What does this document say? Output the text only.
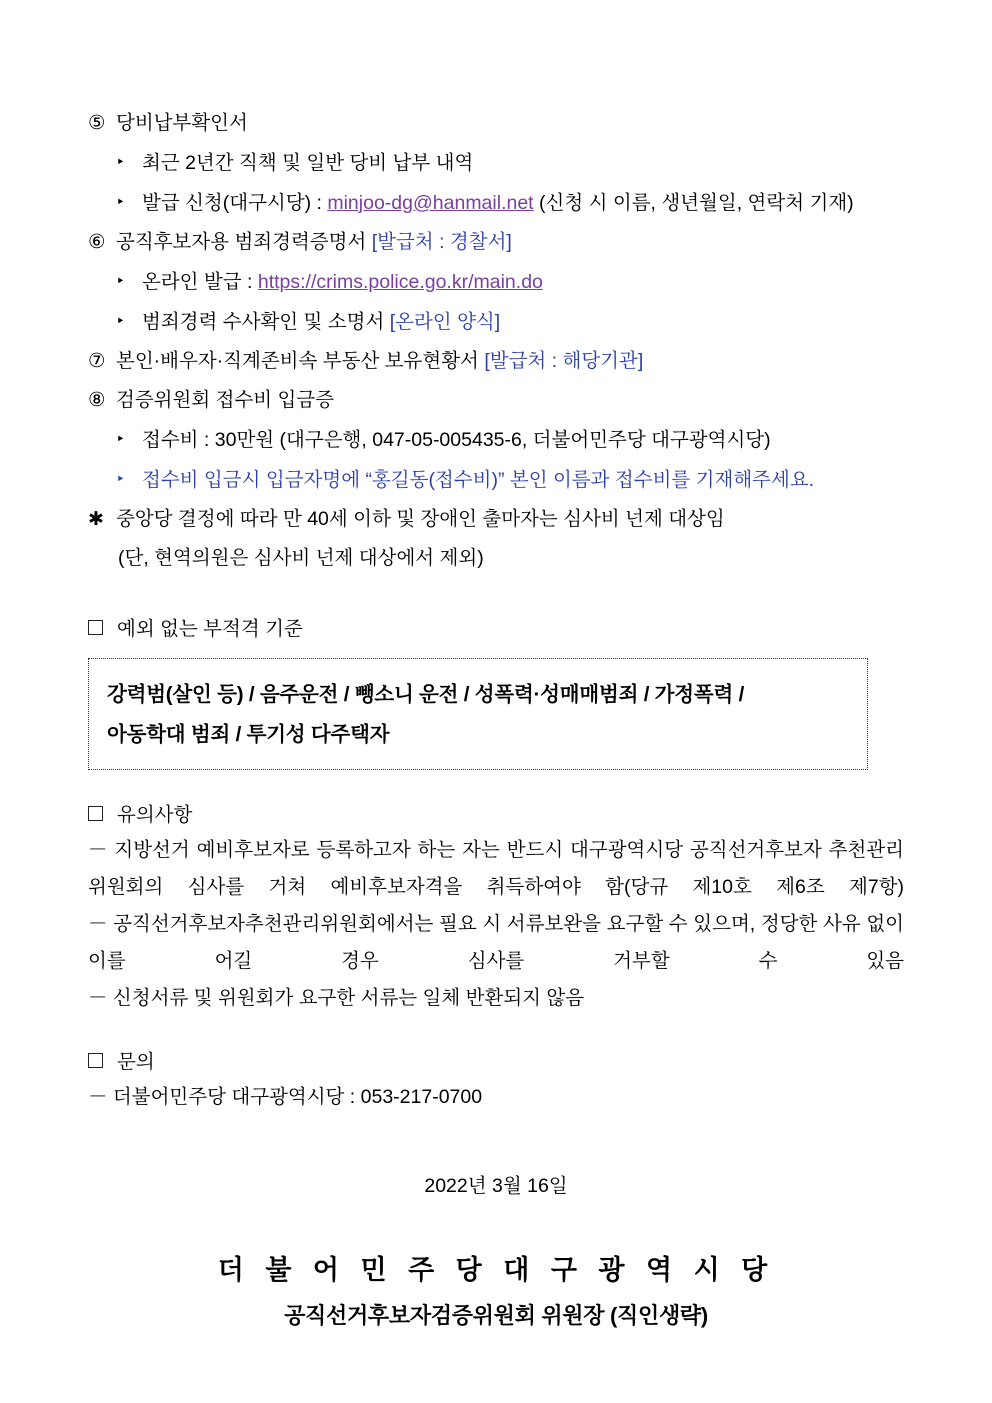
⑤ 당비납부확인서
‣ 최근 2년간 직책 및 일반 당비 납부 내역
‣ 발급 신청(대구시당) : minjoo-dg@hanmail.net (신청 시 이름, 생년월일, 연락처 기재)
⑥ 공직후보자용 범죄경력증명서 [발급처 : 경찰서]
‣ 온라인 발급 : https://crims.police.go.kr/main.do
‣ 범죄경력 수사확인 및 소명서 [온라인 양식]
⑦ 본인·배우자·직계존비속 부동산 보유현황서 [발급처 : 해당기관]
⑧ 검증위원회 접수비 입금증
‣ 접수비 : 30만원 (대구은행, 047-05-005435-6, 더불어민주당 대구광역시당)
‣ 접수비 입금시 입금자명에 “홍길동(접수비)” 본인 이름과 접수비를 기재해주세요.
✱ 중앙당 결정에 따라 만 40세 이하 및 장애인 출마자는 심사비 넌제 대상임
(단, 현역의원은 심사비 넌제 대상에서 제외)
예외 없는 부적격 기준
강력범(살인 등) / 음주운전 / 뺑소니 운전 / 성폭력·성매매범죄 / 가정폭력 /
아동학대 범죄 / 투기성 다주택자
유의사항
－ 지방선거 예비후보자로 등록하고자 하는 자는 반드시 대구광역시당 공직선거후보자 추천관리위원회의 심사를 거쳐 예비후보자격을 취득하여야 함(당규 제10호 제6조 제7항)
－ 공직선거후보자추천관리위원회에서는 필요 시 서류보완을 요구할 수 있으며, 정당한 사유 없이 이를 어길 경우 심사를 거부할 수 있음
－ 신청서류 및 위원회가 요구한 서류는 일체 반환되지 않음
문의
－ 더불어민주당 대구광역시당 : 053-217-0700
2022년 3월 16일
더 불 어 민 주 당 대 구 광 역 시 당
공직선거후보자검증위원회 위원장 (직인생략)
